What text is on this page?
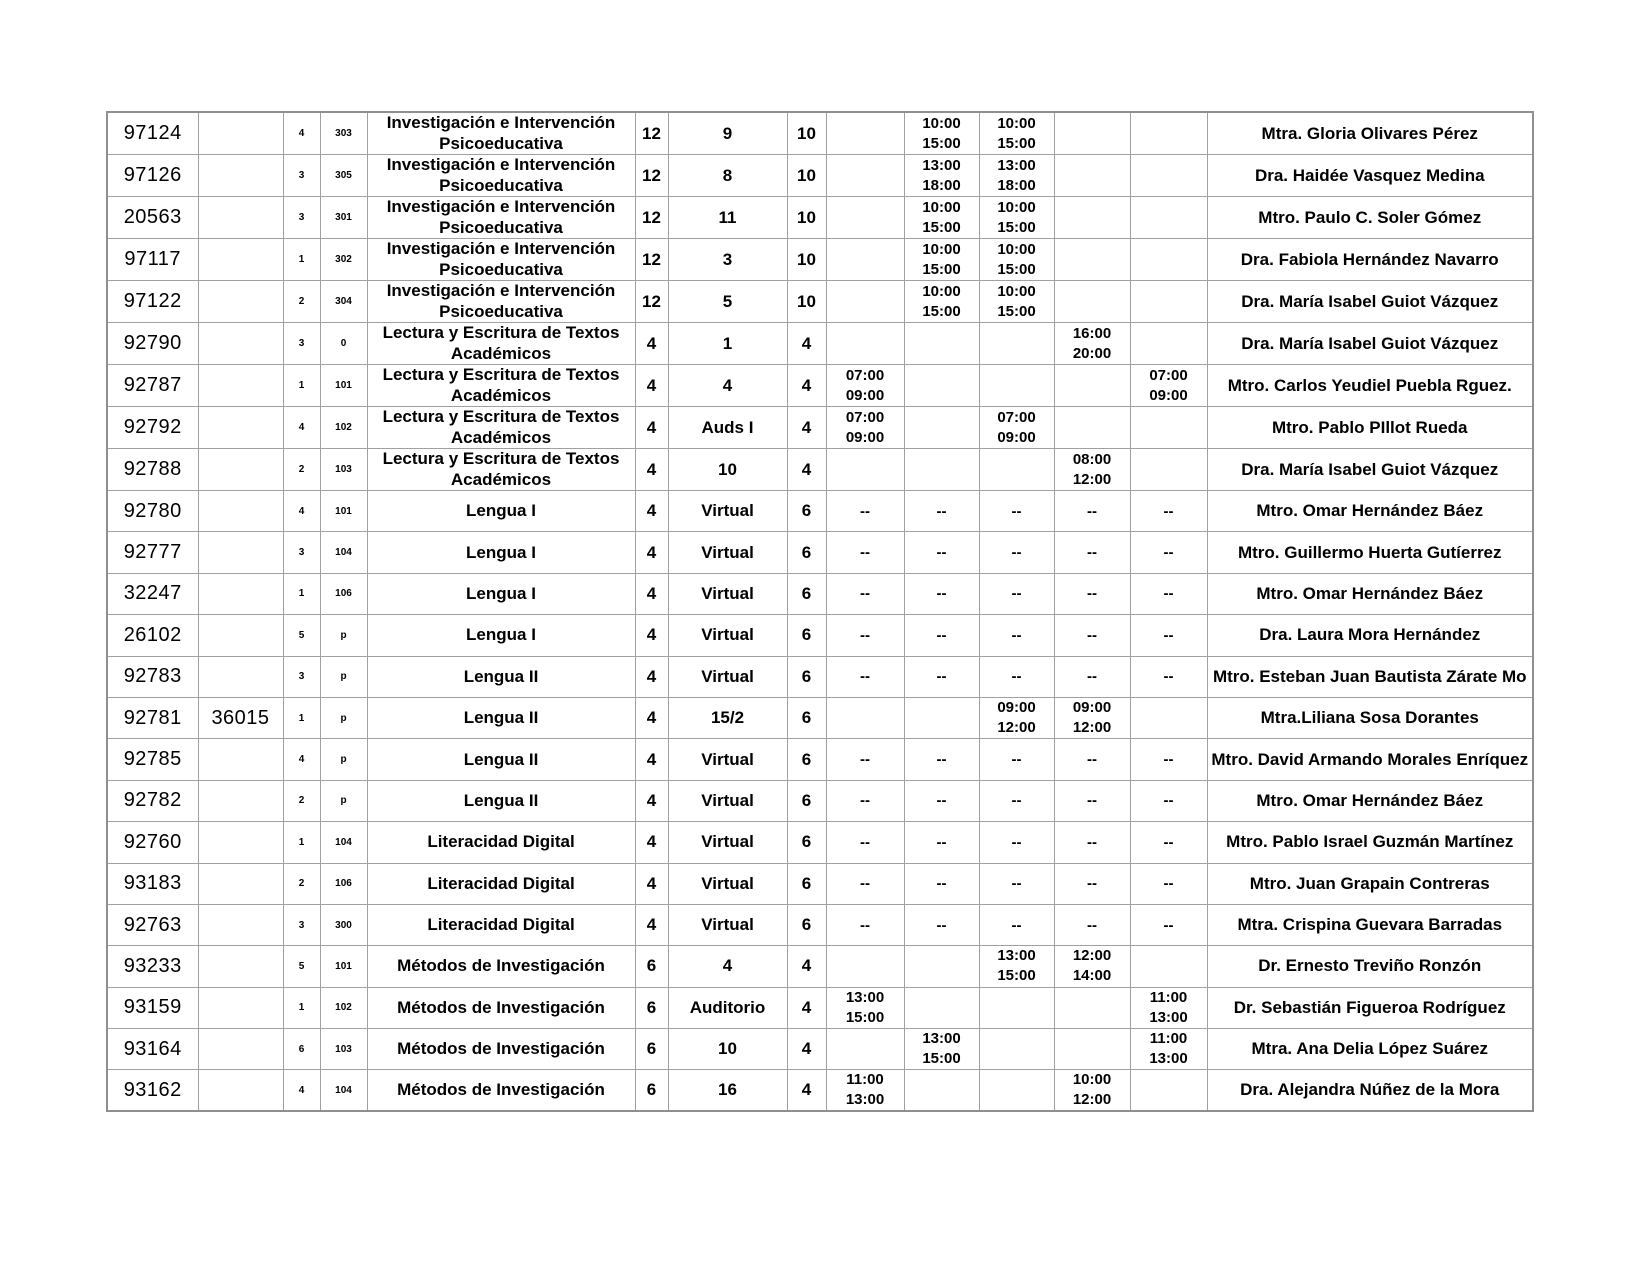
97124		4	303	Investigación e Intervención
Psicoeducativa	12	9	10		10:00
15:00	10:00
15:00			Mtra. Gloria Olivares Pérez
97126		3	305	Investigación e Intervención
Psicoeducativa	12	8	10		13:00
18:00	13:00
18:00			Dra. Haidée Vasquez Medina
20563		3	301	Investigación e Intervención
Psicoeducativa	12	11	10		10:00
15:00	10:00
15:00			Mtro. Paulo C. Soler Gómez
97117		1	302	Investigación e Intervención
Psicoeducativa	12	3	10		10:00
15:00	10:00
15:00			Dra. Fabiola Hernández Navarro
97122		2	304	Investigación e Intervención
Psicoeducativa	12	5	10		10:00
15:00	10:00
15:00			Dra. María Isabel Guiot Vázquez
92790		3	0	Lectura y Escritura de Textos
Académicos	4	1	4				16:00
20:00		Dra. María Isabel Guiot Vázquez
92787		1	101	Lectura y Escritura de Textos
Académicos	4	4	4	07:00
09:00				07:00
09:00	Mtro. Carlos Yeudiel Puebla Rguez.
92792		4	102	Lectura y Escritura de Textos
Académicos	4	Auds I	4	07:00
09:00		07:00
09:00			Mtro. Pablo PIllot Rueda
92788		2	103	Lectura y Escritura de Textos
Académicos	4	10	4				08:00
12:00		Dra. María Isabel Guiot Vázquez
92780		4	101	Lengua I	4	Virtual	6	--	--	--	--	--	Mtro. Omar Hernández Báez
92777		3	104	Lengua I	4	Virtual	6	--	--	--	--	--	Mtro. Guillermo Huerta Gutíerrez
32247		1	106	Lengua I	4	Virtual	6	--	--	--	--	--	Mtro. Omar Hernández Báez
26102		5	p	Lengua I	4	Virtual	6	--	--	--	--	--	Dra. Laura Mora Hernández
92783		3	p	Lengua II	4	Virtual	6	--	--	--	--	--	Mtro. Esteban Juan Bautista Zárate Mo
92781	36015	1	p	Lengua II	4	15/2	6			09:00
12:00	09:00
12:00		Mtra.Liliana Sosa Dorantes
92785		4	p	Lengua II	4	Virtual	6	--	--	--	--	--	Mtro. David Armando Morales Enríquez
92782		2	p	Lengua II	4	Virtual	6	--	--	--	--	--	Mtro. Omar Hernández Báez
92760		1	104	Literacidad Digital	4	Virtual	6	--	--	--	--	--	Mtro. Pablo Israel Guzmán Martínez
93183		2	106	Literacidad Digital	4	Virtual	6	--	--	--	--	--	Mtro. Juan Grapain Contreras
92763		3	300	Literacidad Digital	4	Virtual	6	--	--	--	--	--	Mtra. Crispina Guevara Barradas
93233		5	101	Métodos de Investigación	6	4	4			13:00
15:00	12:00
14:00		Dr. Ernesto Treviño Ronzón
93159		1	102	Métodos de Investigación	6	Auditorio	4	13:00
15:00				11:00
13:00	Dr. Sebastián Figueroa Rodríguez
93164		6	103	Métodos de Investigación	6	10	4		13:00
15:00			11:00
13:00	Mtra. Ana Delia López Suárez
93162		4	104	Métodos de Investigación	6	16	4	11:00
13:00			10:00
12:00		Dra. Alejandra Núñez de la Mora
